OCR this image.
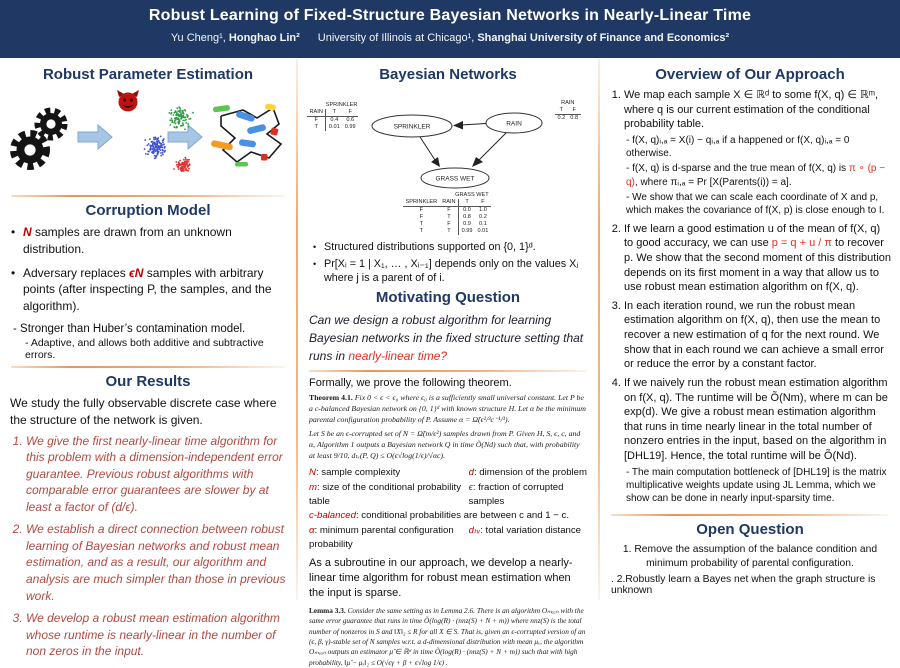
Robust Learning of Fixed-Structure Bayesian Networks in Nearly-Linear Time
Yu Cheng¹, Honghao Lin² University of Illinois at Chicago¹, Shanghai University of Finance and Economics²
Robust Parameter Estimation
Corruption Model
• N samples are drawn from an unknown distribution.
• Adversary replaces ϵN samples with arbitrary points (after inspecting P, the samples, and the algorithm).
- Stronger than Huber’s contamination model.
- Adaptive, and allows both additive and subtractive errors.
Our Results
We study the fully observable discrete case where the structure of the network is given.
1. We give the first nearly-linear time algorithm for this problem with a dimension-independent error guarantee. Previous robust algorithms with comparable error guarantees are slower by at least a factor of (d/ϵ).
2. We establish a direct connection between robust learning of Bayesian networks and robust mean estimation, and as a result, our algorithm and analysis are much simpler than those in previous work.
3. We develop a robust mean estimation algorithm whose runtime is nearly-linear in the number of non zeros in the input.
Bayesian Networks
SPRINKLER	RAIN
GRASS WET
SPRINKLER
RAIN	T	F
F	0.4	0.6
T	0.01	0.99
RAIN
T	F
0.2	0.8
GRASS WET
SPRINKLER	RAIN	T	F
F	F	0.0	1.0
F	T	0.8	0.2
T	F	0.9	0.1
T	T	0.99	0.01
• Structured distributions supported on {0, 1}ᵈ.
• Pr[Xᵢ = 1 | X₁, … , Xᵢ₋₁] depends only on the values Xⱼ where j is a parent of of i.
Motivating Question
Can we design a robust algorithm for learning Bayesian networks in the fixed structure setting that runs in nearly-linear time?
Formally, we prove the following theorem.
Theorem 4.1. Fix 0 < ϵ < ϵ₀ where ϵ₀ is a sufficiently small universal constant. Let P be a c-balanced Bayesian network on {0, 1}ᵈ with known structure H. Let α be the minimum parental configuration probability of P. Assume α = Ω̃(ϵ²/³c⁻¹/³).
Let S be an ϵ-corrupted set of N = Ω̃(m/ϵ²) samples drawn from P. Given H, S, ϵ, c, and α, Algorithm 1 outputs a Bayesian network Q in time Õ(Nd) such that, with probability at least 9/10, dₜᵥ(P, Q) ≤ O(ϵ√log(1/ϵ)/√αc).
N: sample complexity	d: dimension of the problem
m: size of the conditional probability table
ϵ: fraction of corrupted samples
c-balanced: conditional probabilities are between c and 1 − c.
α: minimum parental configuration probability
dₜᵥ: total variation distance
As a subroutine in our approach, we develop a nearly-linear time algorithm for robust mean estimation when the input is sparse.
Lemma 3.3. Consider the same setting as in Lemma 2.6. There is an algorithm Oₘₑₐₙ with the same error guarantee that runs in time Õ(log(R) · (nnz(S) + N + m)) where nnz(S) is the total number of nonzeros in S and ‖X‖₂ ≤ R for all X ∈ S. That is, given an ϵ-corrupted version of an (ϵ, β, γ)-stable set of N samples w.r.t. a d-dimensional distribution with mean μₓ, the algorithm Oₘₑₐₙ outputs an estimator μ̂ ∈ ℝᵈ in time Õ(log(R) · (nnz(S) + N + m)) such that with high probability, ‖μ̂ − μₓ‖₂ ≤ O(√ϵγ + β + ϵ√log 1/ϵ) .
Overview of Our Approach
1. We map each sample X ∈ ℝᵈ to some f(X, q) ∈ ℝᵐ, where q is our current estimation of the conditional probability table.
- f(X, q)ᵢ,ₐ = X(i) − qᵢ,ₐ if a happened or f(X, q)ᵢ,ₐ = 0 otherwise.
- f(X, q) is d-sparse and the true mean of f(X, q) is π ∘ (p − q), where πᵢ,ₐ = Pr [X(Parents(i)) = a].
- We show that we can scale each coordinate of X and p, which makes the covariance of f(X, p) is close enough to I.
2. If we learn a good estimation u of the mean of f(X, q) to good accuracy, we can use p = q + u / π to recover p. We show that the second moment of this distribution depends on its first moment in a way that allow us to use robust mean estimation algorithm on f(X, q).
3. In each iteration round, we run the robust mean estimation algorithm on f(X, q), then use the mean to recover a new estimation of q for the next round. We show that in each round we can achieve a small error or reduce the error by a constant factor.
4. If we naively run the robust mean estimation algorithm on f(X, q). The runtime will be Õ(Nm), where m can be exp(d). We give a robust mean estimation algorithm that runs in time nearly linear in the total number of nonzero entries in the input, based on the algorithm in [DHL19]. Hence, the total runtime will be Õ(Nd).
- The main computation bottleneck of [DHL19] is the matrix multiplicative weights update using JL Lemma, which we show can be done in nearly input-sparsity time.
Open Question
1. Remove the assumption of the balance condition and minimum probability of parental configuration.
. 2.Robustly learn a Bayes net when the graph structure is unknown
